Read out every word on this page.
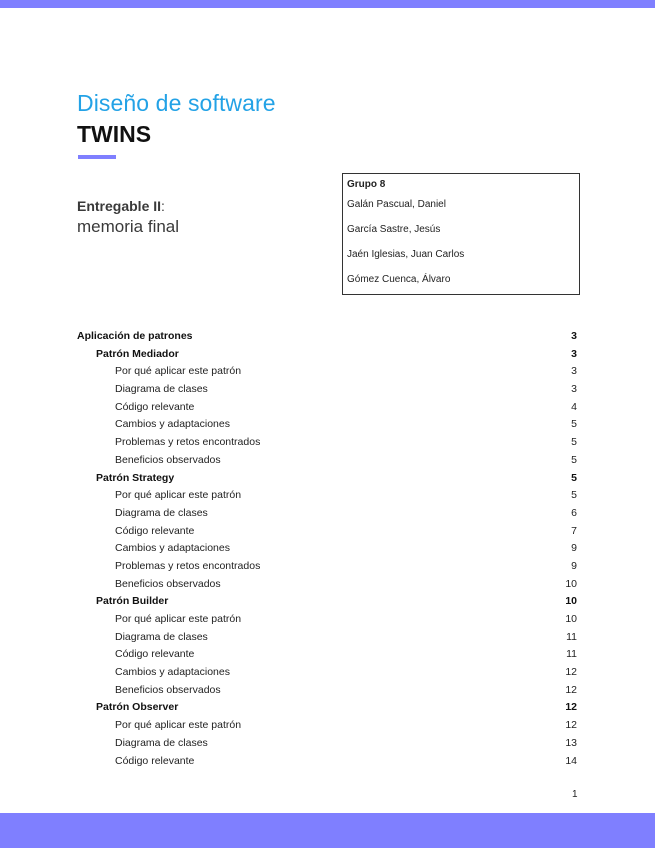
Diseño de software
TWINS
Entregable II:
memoria final
Grupo 8
Galán Pascual, Daniel
García Sastre, Jesús
Jaén Iglesias, Juan Carlos
Gómez Cuenca, Álvaro
Aplicación de patrones	3
Patrón Mediador	3
Por qué aplicar este patrón	3
Diagrama de clases	3
Código relevante	4
Cambios y adaptaciones	5
Problemas y retos encontrados	5
Beneficios observados	5
Patrón Strategy	5
Por qué aplicar este patrón	5
Diagrama de clases	6
Código relevante	7
Cambios y adaptaciones	9
Problemas y retos encontrados	9
Beneficios observados	10
Patrón Builder	10
Por qué aplicar este patrón	10
Diagrama de clases	11
Código relevante	11
Cambios y adaptaciones	12
Beneficios observados	12
Patrón Observer	12
Por qué aplicar este patrón	12
Diagrama de clases	13
Código relevante	14
1
